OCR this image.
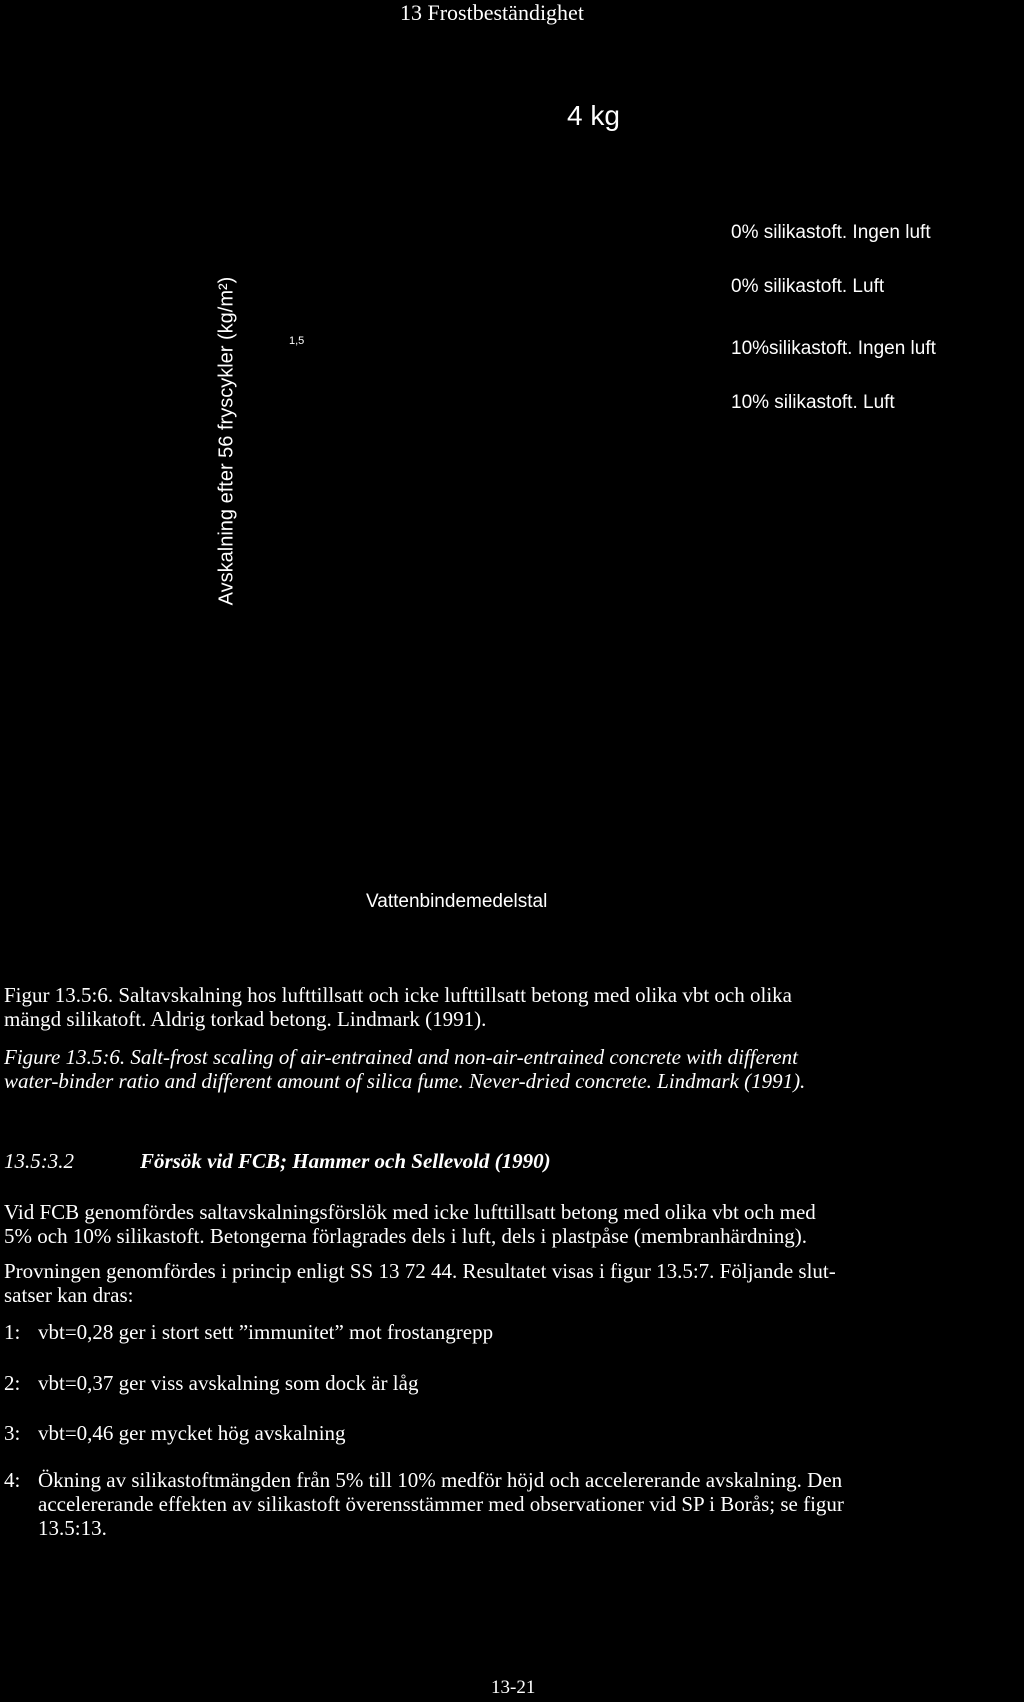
13 Frostbeständighet
4 kg
0% silikastoft. Ingen luft
0% silikastoft. Luft
10%silikastoft. Ingen luft
10% silikastoft. Luft
Avskalning efter 56 fryscykler (kg/m²)	1,5
Vattenbindemedelstal
Figur 13.5:6. Saltavskalning hos lufttillsatt och icke lufttillsatt betong med olika vbt och olika
mängd silikatoft. Aldrig torkad betong. Lindmark (1991).
Figure 13.5:6. Salt-frost scaling of air-entrained and non-air-entrained concrete with different
water-binder ratio and different amount of silica fume. Never-dried concrete. Lindmark (1991).
13.5:3.2	Försök vid FCB; Hammer och Sellevold (1990)
Vid FCB genomfördes saltavskalningsförslök med icke lufttillsatt betong med olika vbt och med
5% och 10% silikastoft. Betongerna förlagrades dels i luft, dels i plastpåse (membranhärdning).
Provningen genomfördes i princip enligt SS 13 72 44. Resultatet visas i figur 13.5:7. Följande slut-
satser kan dras:
1: vbt=0,28 ger i stort sett ”immunitet” mot frostangrepp
2: vbt=0,37 ger viss avskalning som dock är låg
3: vbt=0,46 ger mycket hög avskalning
4: Ökning av silikastoftmängden från 5% till 10% medför höjd och accelererande avskalning. Den
accelererande effekten av silikastoft överensstämmer med observationer vid SP i Borås; se figur
13.5:13.
13-21
